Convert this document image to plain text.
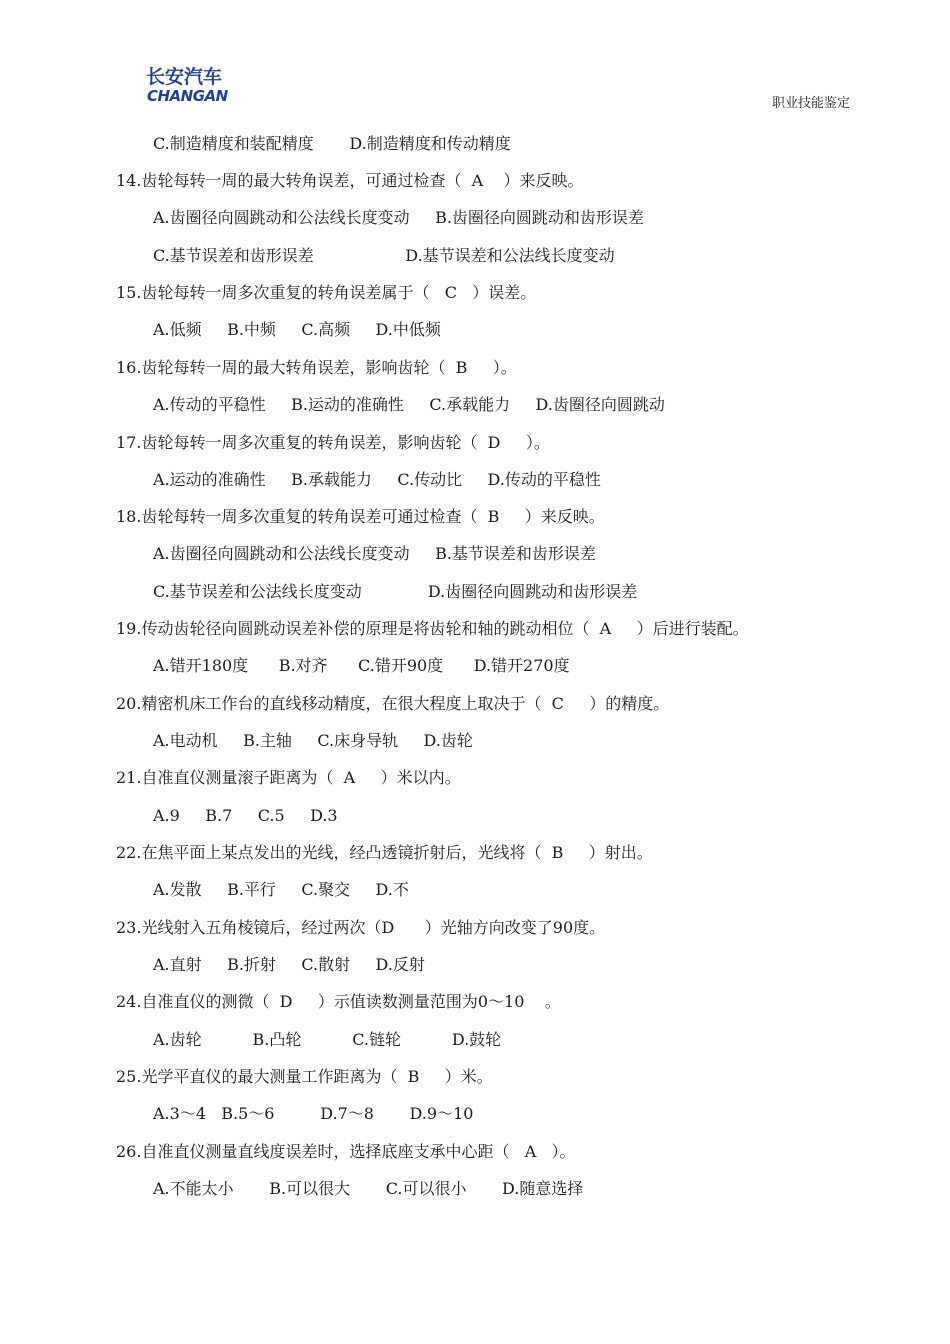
长安汽车
CHANGAN	职业技能鉴定
C.制造精度和装配精度       D.制造精度和传动精度
14.齿轮每转一周的最大转角误差，可通过检查（  A    ）来反映。
A.齿圈径向圆跳动和公法线长度变动     B.齿圈径向圆跳动和齿形误差
C.基节误差和齿形误差                  D.基节误差和公法线长度变动
15.齿轮每转一周多次重复的转角误差属于（   C   ）误差。
A.低频     B.中频     C.高频     D.中低频
16.齿轮每转一周的最大转角误差，影响齿轮（  B     ）。
A.传动的平稳性     B.运动的准确性     C.承载能力     D.齿圈径向圆跳动
17.齿轮每转一周多次重复的转角误差，影响齿轮（  D     ）。
A.运动的准确性     B.承载能力     C.传动比     D.传动的平稳性
18.齿轮每转一周多次重复的转角误差可通过检查（  B     ）来反映。
A.齿圈径向圆跳动和公法线长度变动     B.基节误差和齿形误差
C.基节误差和公法线长度变动             D.齿圈径向圆跳动和齿形误差
19.传动齿轮径向圆跳动误差补偿的原理是将齿轮和轴的跳动相位（  A     ）后进行装配。
A.错开180度      B.对齐      C.错开90度      D.错开270度
20.精密机床工作台的直线移动精度，在很大程度上取决于（  C     ）的精度。
A.电动机     B.主轴     C.床身导轨     D.齿轮
21.自准直仪测量滚子距离为（  A     ）米以内。
A.9     B.7     C.5     D.3
22.在焦平面上某点发出的光线，经凸透镜折射后，光线将（  B     ）射出。
A.发散     B.平行     C.聚交     D.不
23.光线射入五角棱镜后，经过两次（D      ）光轴方向改变了90度。
A.直射     B.折射     C.散射     D.反射
24.自准直仪的测微（  D     ）示值读数测量范围为0～10    。
A.齿轮          B.凸轮          C.链轮          D.鼓轮
25.光学平直仪的最大测量工作距离为（  B     ）米。
A.3～4   B.5～6         D.7～8       D.9～10
26.自准直仪测量直线度误差时，选择底座支承中心距（   A   ）。
A.不能太小       B.可以很大       C.可以很小       D.随意选择
